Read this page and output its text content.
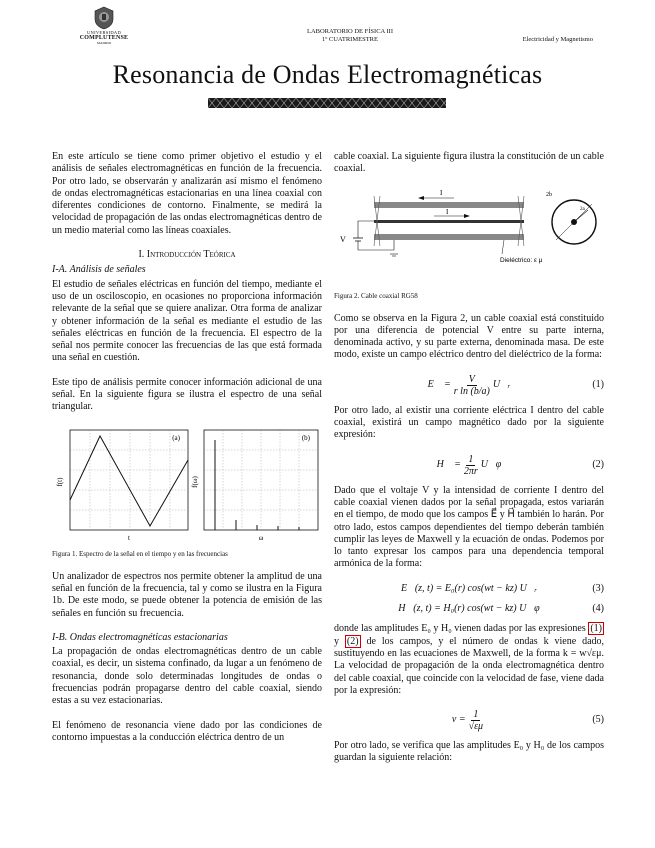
UNIVERSIDAD
COMPLUTENSE
MADRID
LABORATORIO DE FÍSICA III
1º CUATRIMESTRE	Electricidad y Magnetismo
Resonancia de Ondas Electromagnéticas

En este artículo se tiene como primer objetivo el estudio y el análisis de señales electromagnéticas en función de la frecuencia. Por otro lado, se observarán y analizarán así mismo el fenómeno de ondas electromagnéticas estacionarias en una línea coaxial con diferentes condiciones de contorno. Finalmente, se medirá la velocidad de propagación de las ondas electromagnéticas dentro de un medio material como las líneas coaxiales.

I. Introducción Teórica
I-A. Análisis de señales

El estudio de señales eléctricas en función del tiempo, mediante el uso de un osciloscopio, en ocasiones no proporciona información relevante de la señal que se quiere analizar. Otra forma de analizar y obtener información de la señal es mediante el estudio de las señales eléctricas en función de la frecuencia. El espectro de la señal nos permite conocer las frecuencias de las que está formada una señal en cuestión.

Este tipo de análisis permite conocer información adicional de una señal. En la siguiente figura se ilustra el espectro de una señal triangular.

(a)
f(t)
t
(b)
f(ω)
ω
Figura 1. Espectro de la señal en el tiempo y en las frecuencias

Un analizador de espectros nos permite obtener la amplitud de una señal en función de la frecuencia, tal y como se ilustra en la Figura 1b. De este modo, se puede obtener la potencia de emisión de las señales en función su frecuencia.

I-B. Ondas electromagnéticas estacionarias

La propagación de ondas electromagnéticas dentro de un cable coaxial, es decir, un sistema confinado, da lugar a un fenómeno de resonancia, donde solo determinadas longitudes de ondas o frecuencias podrán propagarse dentro del cable coaxial, siendo estas a su vez estacionarias.

El fenómeno de resonancia viene dado por las condiciones de contorno impuestas a la conducción eléctrica dentro de un

cable coaxial. La siguiente figura ilustra la constitución de un cable coaxial.

I
I
V
2b
2a
Dieléctrico: ε μ
Figura 2. Cable coaxial RG58

Como se observa en la Figura 2, un cable coaxial está constituido por una diferencia de potencial V entre su parte interna, denominada activo, y su parte externa, denominada masa. De este modo, existe un campo eléctrico dentro del dieléctrico de la forma:

E⃗ = $\frac{V}{\text{r ln (b/a)}}$ U⃗ᵣ	(1)

Por otro lado, al existir una corriente eléctrica I dentro del cable coaxial, existirá un campo magnético dado por la siguiente expresión:

H⃗ = $\frac{1}{2\pi r}$ U⃗φ	(2)

Dado que el voltaje V y la intensidad de corriente I dentro del cable coaxial vienen dados por la señal propagada, estos variarán en el tiempo, de modo que los campos E⃗ y H⃗ también lo harán. Por otro lado, estos campos dependientes del tiempo deberán también cumplir las leyes de Maxwell y la ecuación de ondas. Podemos por lo tanto expresar los campos para una dependencia temporal armónica de la forma:

E⃗(z, t) = E₀(r) cos(wt − kz) U⃗ᵣ	(3)
H⃗(z, t) = H₀(r) cos(wt − kz) U⃗φ	(4)

donde las amplitudes E₀ y H₀ vienen dadas por las expresiones (1) y (2) de los campos, y el número de ondas k viene dado, sustituyendo en las ecuaciones de Maxwell, de la forma k = w√εμ. La velocidad de propagación de la onda electromagnética dentro del cable coaxial, que coincide con la velocidad de fase, viene dada por la expresión:

$v = \frac{1}{√\varepsilon\mu}$	(5)

Por otro lado, se verifica que las amplitudes E₀ y H₀ de los campos guardan la siguiente relación:
